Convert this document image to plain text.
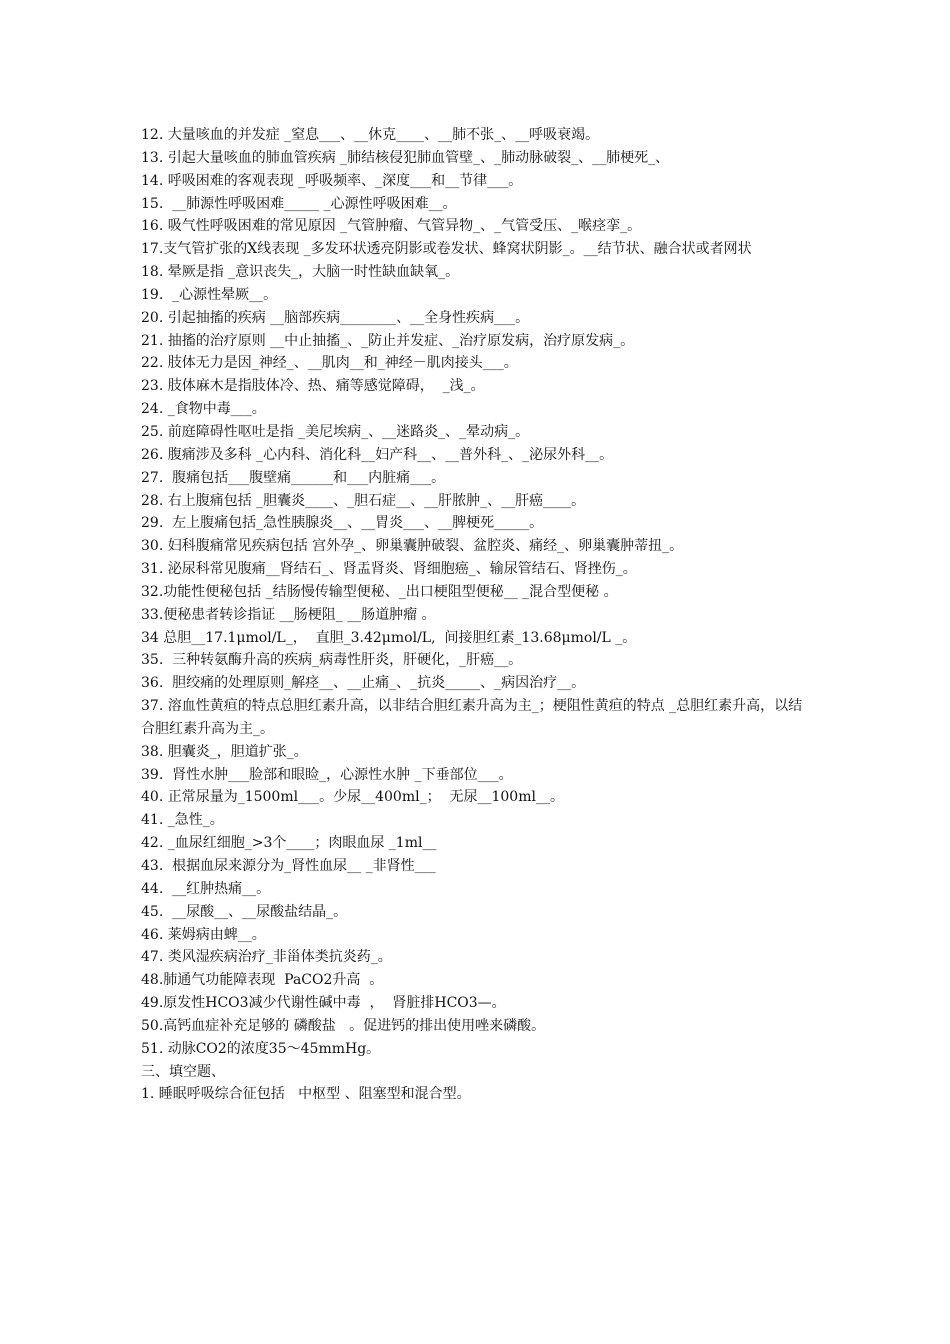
12. 大量咳血的并发症 _窒息___、__休克____、__肺不张_、__呼吸衰竭。
13. 引起大量咳血的肺血管疾病 _肺结核侵犯肺血管壁_、_肺动脉破裂_、__肺梗死_、
14. 呼吸困难的客观表现 _呼吸频率、_深度___和__节律___。
15.  __肺源性呼吸困难_____ _心源性呼吸困难__。
16. 吸气性呼吸困难的常见原因 _气管肿瘤、气管异物_、_气管受压、_喉痉挛_。
17.支气管扩张的X线表现 _多发环状透亮阴影或卷发状、蜂窝状阴影_。__结节状、融合状或者网状
18. 晕厥是指 _意识丧失_，大脑一时性缺血缺氧_。
19.  _心源性晕厥__。
20. 引起抽搐的疾病 __脑部疾病________、__全身性疾病___。
21. 抽搐的治疗原则 __中止抽搐_、_防止并发症、_治疗原发病，治疗原发病_。
22. 肢体无力是因_神经_、__肌肉__和_神经－肌肉接头___。
23. 肢体麻木是指肢体冷、热、痛等感觉障碍，  _浅_。
24. _食物中毒___。
25. 前庭障碍性呕吐是指 _美尼埃病_、__迷路炎_、_晕动病_。
26. 腹痛涉及多科 _心内科、消化科__妇产科__、__普外科_、_泌尿外科__。
27.  腹痛包括___腹壁痛______和___内脏痛___。
28. 右上腹痛包括 _胆囊炎____、_胆石症__、__肝脓肿_、__肝癌____。
29.  左上腹痛包括_急性胰腺炎__、__胃炎___、__脾梗死_____。
30. 妇科腹痛常见疾病包括 宫外孕_、卵巢囊肿破裂、盆腔炎、痛经_、卵巢囊肿蒂扭_。
31. 泌尿科常见腹痛__肾结石_、肾盂肾炎、肾细胞癌_、输尿管结石、肾挫伤_。
32.功能性便秘包括 _结肠慢传输型便秘、_出口梗阻型便秘__ _混合型便秘 。
33.便秘患者转诊指证 __肠梗阻_ __肠道肿瘤 。
34 总胆__17.1μmol/L_，  直胆_3.42μmol/L,  间接胆红素_13.68μmol/L _。
35.  三种转氨酶升高的疾病_病毒性肝炎，肝硬化，_肝癌__。
36.  胆绞痛的处理原则_解痉__、__止痛_、_抗炎_____、_病因治疗__。
37. 溶血性黄疸的特点总胆红素升高，以非结合胆红素升高为主_；梗阻性黄疸的特点 _总胆红素升高，以结合胆红素升高为主_。
38. 胆囊炎_，胆道扩张_。
39.  肾性水肿___脸部和眼睑_，心源性水肿 _下垂部位___。
40. 正常尿量为_1500ml___。少尿__400ml_；  无尿__100ml__。
41. _急性_。
42. _血尿红细胞_>3个____；肉眼血尿 _1ml__
43.  根据血尿来源分为_肾性血尿__ _非肾性___
44.  __红肿热痛__。
45.  __尿酸__、__尿酸盐结晶_。
46. 莱姆病由蜱__。
47. 类风湿疾病治疗_非甾体类抗炎药_。
48.肺通气功能障表现  PaCO2升高  。
49.原发性HCO3减少代谢性碱中毒  ，  肾脏排HCO3—。
50.高钙血症补充足够的 磷酸盐   。促进钙的排出使用唑来磷酸。
51. 动脉CO2的浓度35～45mmHg。
三、填空题、
1. 睡眠呼吸综合征包括   中枢型 、阻塞型和混合型。
